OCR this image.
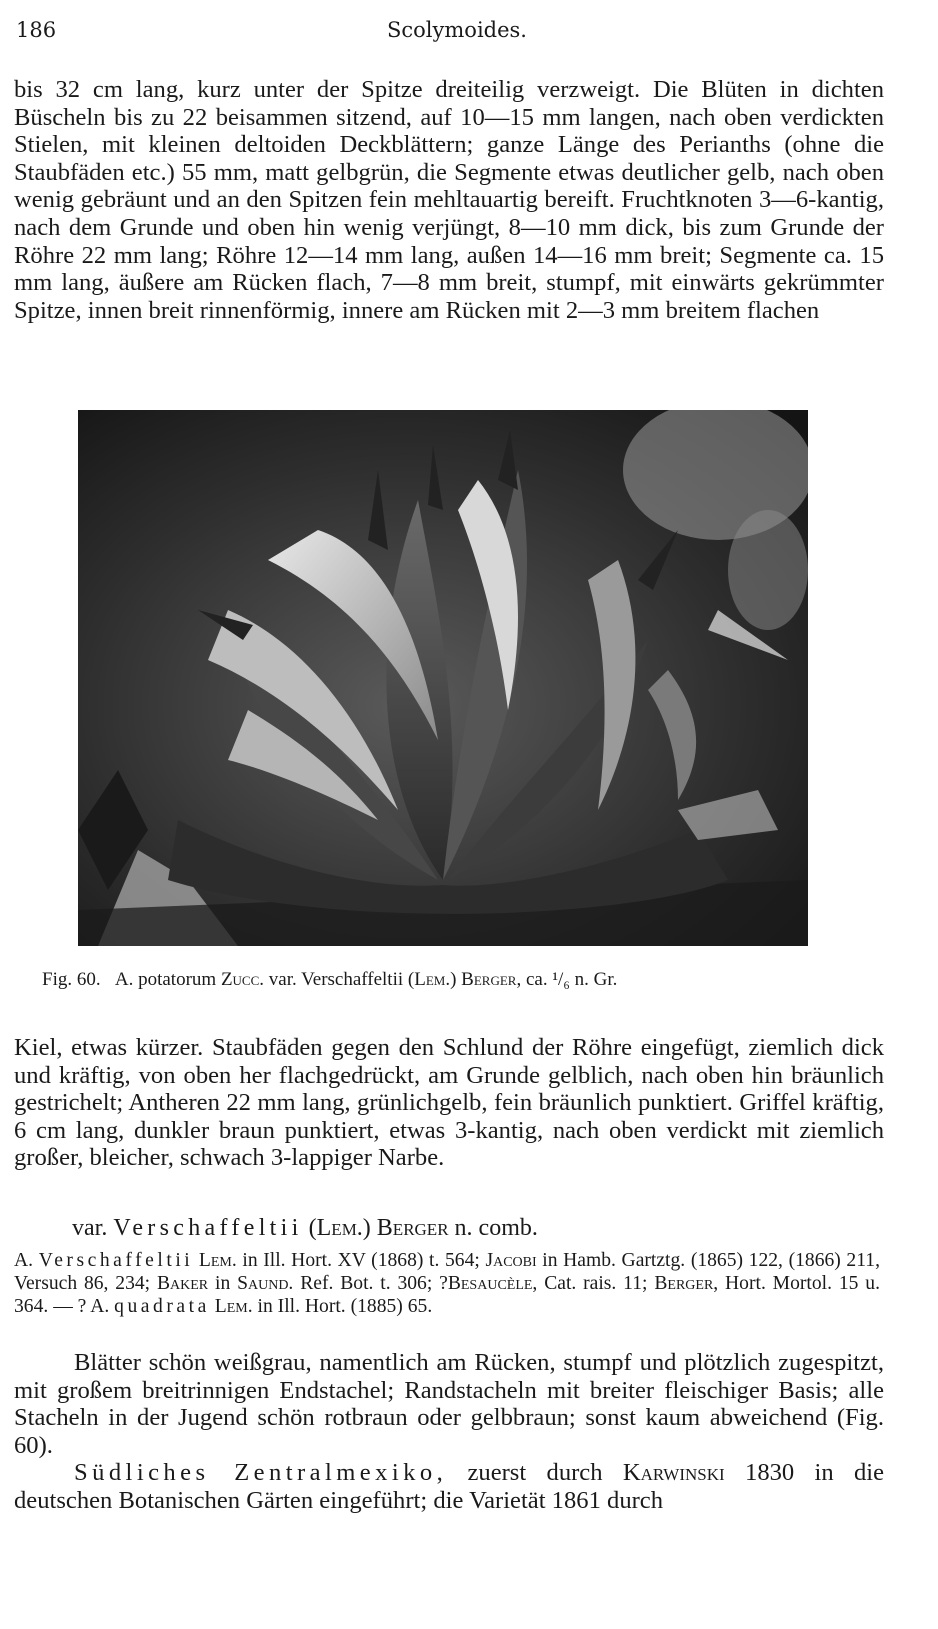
186	Scolymoides.

bis 32 cm lang, kurz unter der Spitze dreiteilig verzweigt. Die Blüten in dichten Büscheln bis zu 22 beisammen sitzend, auf 10—15 mm langen, nach oben verdickten Stielen, mit kleinen deltoiden Deckblättern; ganze Länge des Perianths (ohne die Staubfäden etc.) 55 mm, matt gelbgrün, die Segmente etwas deutlicher gelb, nach oben wenig gebräunt und an den Spitzen fein mehltauartig bereift. Fruchtknoten 3—6-kantig, nach dem Grunde und oben hin wenig verjüngt, 8—10 mm dick, bis zum Grunde der Röhre 22 mm lang; Röhre 12—14 mm lang, außen 14—16 mm breit; Segmente ca. 15 mm lang, äußere am Rücken flach, 7—8 mm breit, stumpf, mit einwärts gekrümmter Spitze, innen breit rinnenförmig, innere am Rücken mit 2—3 mm breitem flachen

Fig. 60. A. potatorum Zucc. var. Verschaffeltii (Lem.) Berger, ca. ¹/₆ n. Gr.

Kiel, etwas kürzer. Staubfäden gegen den Schlund der Röhre eingefügt, ziemlich dick und kräftig, von oben her flachgedrückt, am Grunde gelblich, nach oben hin bräunlich gestrichelt; Antheren 22 mm lang, grünlichgelb, fein bräunlich punktiert. Griffel kräftig, 6 cm lang, dunkler braun punktiert, etwas 3-kantig, nach oben verdickt mit ziemlich großer, bleicher, schwach 3-lappiger Narbe.

var. Verschaffeltii (Lem.) Berger n. comb.

A. Verschaffeltii Lem. in Ill. Hort. XV (1868) t. 564; Jacobi in Hamb. Gartztg. (1865) 122, (1866) 211, Versuch 86, 234; Baker in Saund. Ref. Bot. t. 306; ?Besaucèle, Cat. rais. 11; Berger, Hort. Mortol. 15 u. 364. — ? A. quadrata Lem. in Ill. Hort. (1885) 65.

Blätter schön weißgrau, namentlich am Rücken, stumpf und plötzlich zugespitzt, mit großem breitrinnigen Endstachel; Randstacheln mit breiter fleischiger Basis; alle Stacheln in der Jugend schön rotbraun oder gelbbraun; sonst kaum abweichend (Fig. 60).

Südliches Zentralmexiko, zuerst durch Karwinski 1830 in die deutschen Botanischen Gärten eingeführt; die Varietät 1861 durch
